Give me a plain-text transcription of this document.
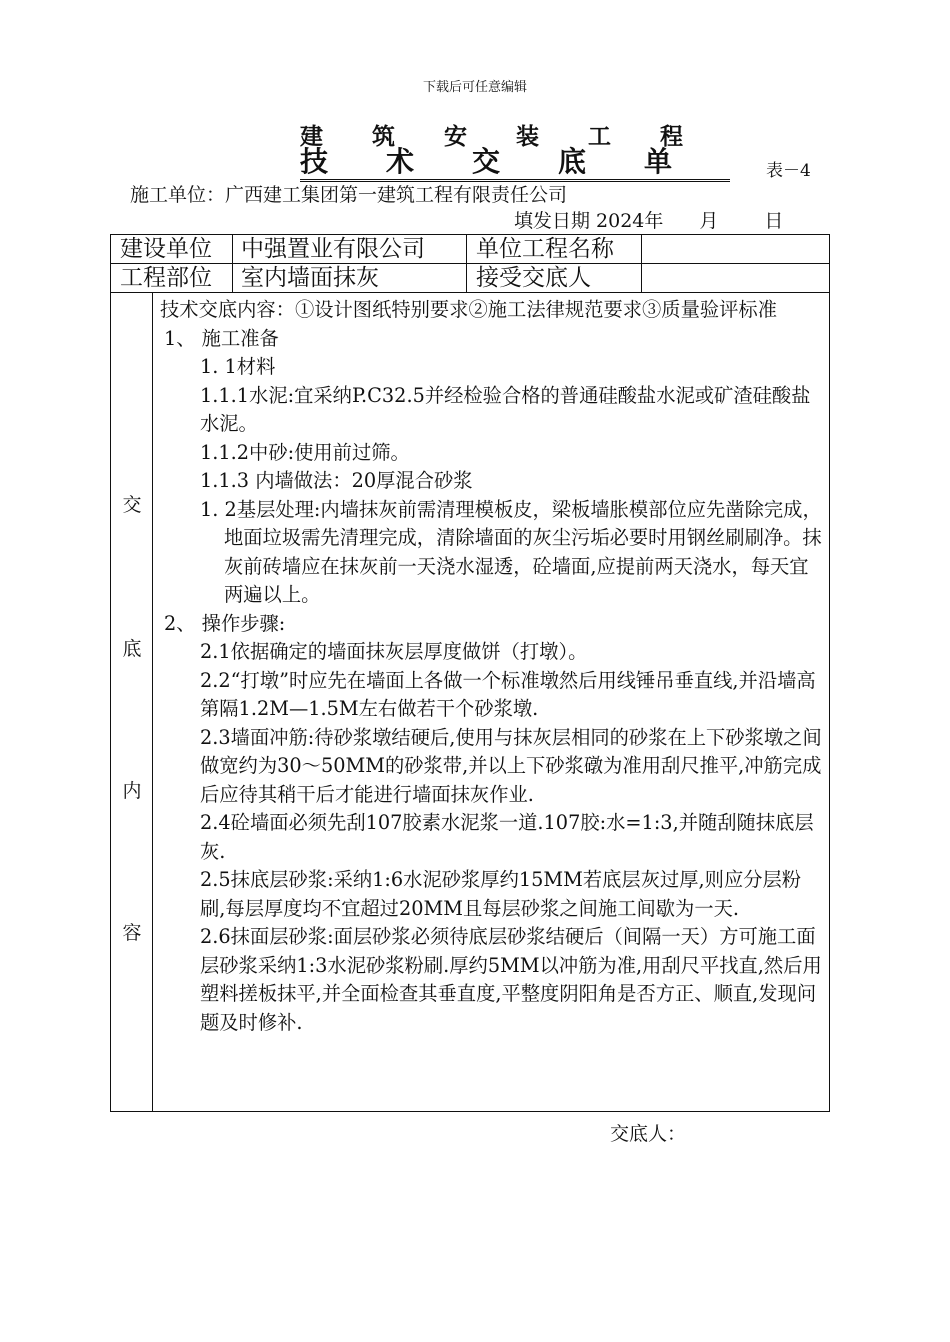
下载后可任意编辑
建筑安装工程
技术交底单 表－4
施工单位：广西建工集团第一建筑工程有限责任公司
填发日期 2024年 月 日
建设单位 中强置业有限公司 单位工程名称
工程部位 室内墙面抹灰	接受交底人
交
底
内
容

技术交底内容：①设计图纸特别要求②施工法律规范要求③质量验评标准

1、 施工准备

1. 1材料

1.1.1水泥:宜采纳P.C32.5并经检验合格的普通硅酸盐水泥或矿渣硅酸盐水泥。

1.1.2中砂:使用前过筛。

1.1.3 内墙做法：20厚混合砂浆

1. 2基层处理:内墙抹灰前需清理模板皮，梁板墙胀模部位应先凿除完成，地面垃圾需先清理完成，清除墙面的灰尘污垢必要时用钢丝刷刷净。抹灰前砖墙应在抹灰前一天浇水湿透，砼墙面,应提前两天浇水，每天宜两遍以上。

2、 操作步骤:

2.1依据确定的墙面抹灰层厚度做饼（打墩）。

2.2“打墩”时应先在墙面上各做一个标准墩然后用线锤吊垂直线,并沿墙高第隔1.2M—1.5M左右做若干个砂浆墩.

2.3墙面冲筋:待砂浆墩结硬后,使用与抹灰层相同的砂浆在上下砂浆墩之间做宽约为30～50MM的砂浆带,并以上下砂浆礅为准用刮尺推平,冲筋完成后应待其稍干后才能进行墙面抹灰作业.

2.4砼墙面必须先刮107胶素水泥浆一道.107胶:水=1:3,并随刮随抹底层灰.

2.5抹底层砂浆:采纳1:6水泥砂浆厚约15MM若底层灰过厚,则应分层粉刷,每层厚度均不宜超过20MM且每层砂浆之间施工间歇为一天.

2.6抹面层砂浆:面层砂浆必须待底层砂浆结硬后（间隔一天）方可施工面层砂浆采纳1:3水泥砂浆粉刷.厚约5MM以冲筋为准,用刮尺平找直,然后用塑料搓板抹平,并全面检查其垂直度,平整度阴阳角是否方正、顺直,发现问题及时修补.

交底人：
